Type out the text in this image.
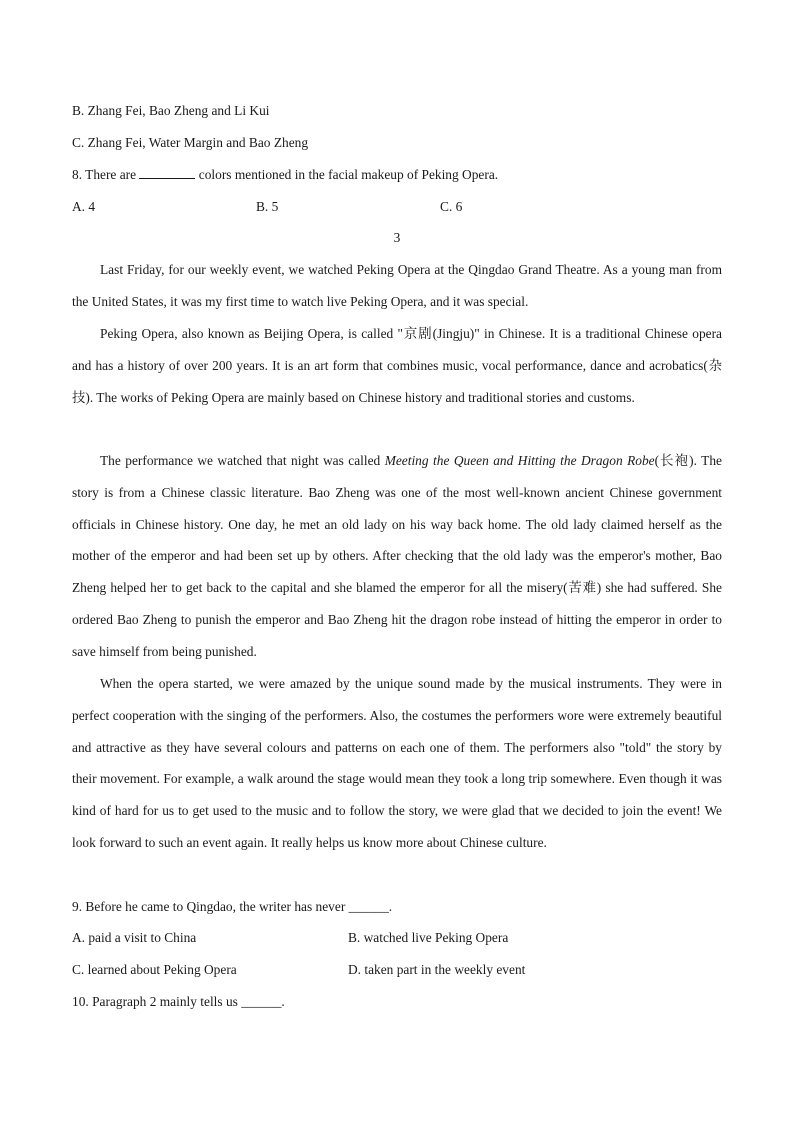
B. Zhang Fei, Bao Zheng and Li Kui
C. Zhang Fei, Water Margin and Bao Zheng
8. There are	colors mentioned in the facial makeup of Peking Opera.
A. 4	B. 5	C. 6
3

Last Friday, for our weekly event, we watched Peking Opera at the Qingdao Grand Theatre. As a young man from the United States, it was my first time to watch live Peking Opera, and it was special.

Peking Opera, also known as Beijing Opera, is called "京剧(Jingju)" in Chinese. It is a traditional Chinese opera and has a history of over 200 years. It is an art form that combines music, vocal performance, dance and acrobatics(杂技). The works of Peking Opera are mainly based on Chinese history and traditional stories and customs.

The performance we watched that night was called Meeting the Queen and Hitting the Dragon Robe(长袍). The story is from a Chinese classic literature. Bao Zheng was one of the most well-known ancient Chinese government officials in Chinese history. One day, he met an old lady on his way back home. The old lady claimed herself as the mother of the emperor and had been set up by others. After checking that the old lady was the emperor's mother, Bao Zheng helped her to get back to the capital and she blamed the emperor for all the misery(苦难) she had suffered. She ordered Bao Zheng to punish the emperor and Bao Zheng hit the dragon robe instead of hitting the emperor in order to save himself from being punished.

When the opera started, we were amazed by the unique sound made by the musical instruments. They were in perfect cooperation with the singing of the performers. Also, the costumes the performers wore were extremely beautiful and attractive as they have several colours and patterns on each one of them. The performers also "told" the story by their movement. For example, a walk around the stage would mean they took a long trip somewhere. Even though it was kind of hard for us to get used to the music and to follow the story, we were glad that we decided to join the event! We look forward to such an event again. It really helps us know more about Chinese culture.

9. Before he came to Qingdao, the writer has never ______.
A. paid a visit to China	B. watched live Peking Opera
C. learned about Peking Opera	D. taken part in the weekly event
10. Paragraph 2 mainly tells us ______.
